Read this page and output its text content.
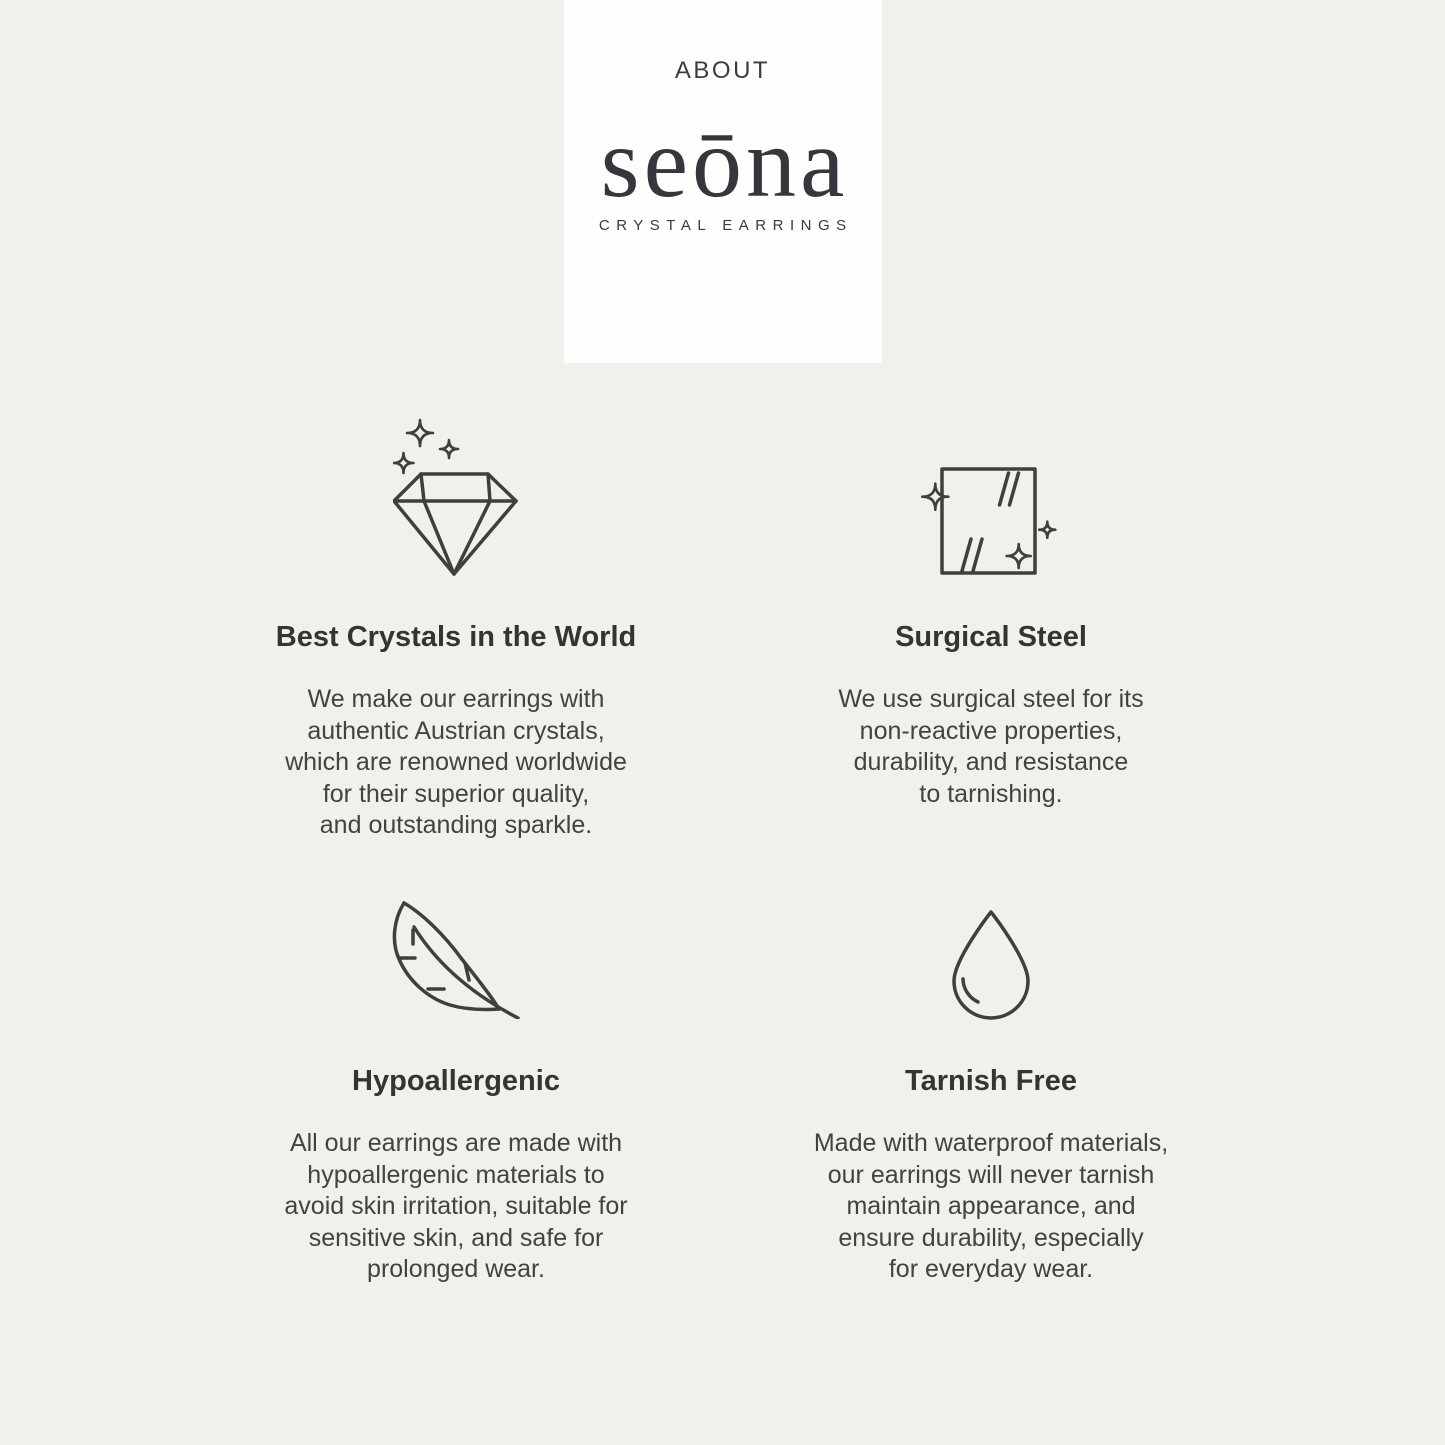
ABOUT
seōna
CRYSTAL EARRINGS
Best Crystals in the World
We make our earrings with
authentic Austrian crystals,
which are renowned worldwide
for their superior quality,
and outstanding sparkle.
Surgical Steel
We use surgical steel for its
non-reactive properties,
durability, and resistance
to tarnishing.
Hypoallergenic
All our earrings are made with
hypoallergenic materials to
avoid skin irritation, suitable for
sensitive skin, and safe for
prolonged wear.
Tarnish Free
Made with waterproof materials,
our earrings will never tarnish
maintain appearance, and
ensure durability, especially
for everyday wear.
